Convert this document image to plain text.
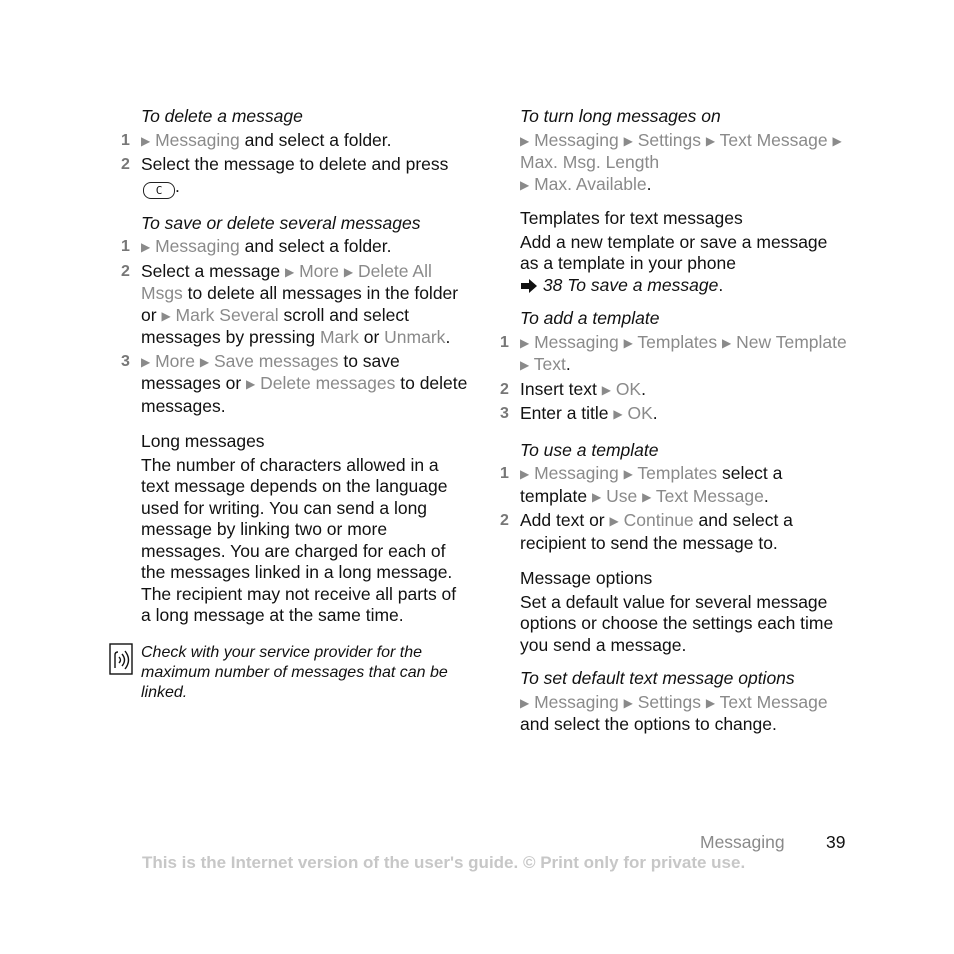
To delete a message
1 ▶ Messaging and select a folder.
2 Select the message to delete and press C .
To save or delete several messages
1 ▶ Messaging and select a folder.
2 Select a message ▶ More ▶ Delete All Msgs to delete all messages in the folder or ▶ Mark Several scroll and select messages by pressing Mark or Unmark.
3 ▶ More ▶ Save messages to save messages or ▶ Delete messages to delete messages.
Long messages
The number of characters allowed in a text message depends on the language used for writing. You can send a long message by linking two or more messages. You are charged for each of the messages linked in a long message. The recipient may not receive all parts of a long message at the same time.
Check with your service provider for the maximum number of messages that can be linked.
To turn long messages on
▶ Messaging ▶ Settings ▶ Text Message ▶ Max. Msg. Length
▶ Max. Available.
Templates for text messages
Add a new template or save a message as a template in your phone
38 To save a message.
To add a template
1 ▶ Messaging ▶ Templates ▶ New Template ▶ Text.
2 Insert text ▶ OK.
3 Enter a title ▶ OK.
To use a template
1 ▶ Messaging ▶ Templates select a template ▶ Use ▶ Text Message.
2 Add text or ▶ Continue and select a recipient to send the message to.
Message options
Set a default value for several message options or choose the settings each time you send a message.
To set default text message options
▶ Messaging ▶ Settings ▶ Text Message and select the options to change.
Messaging 39
This is the Internet version of the user's guide. © Print only for private use.
